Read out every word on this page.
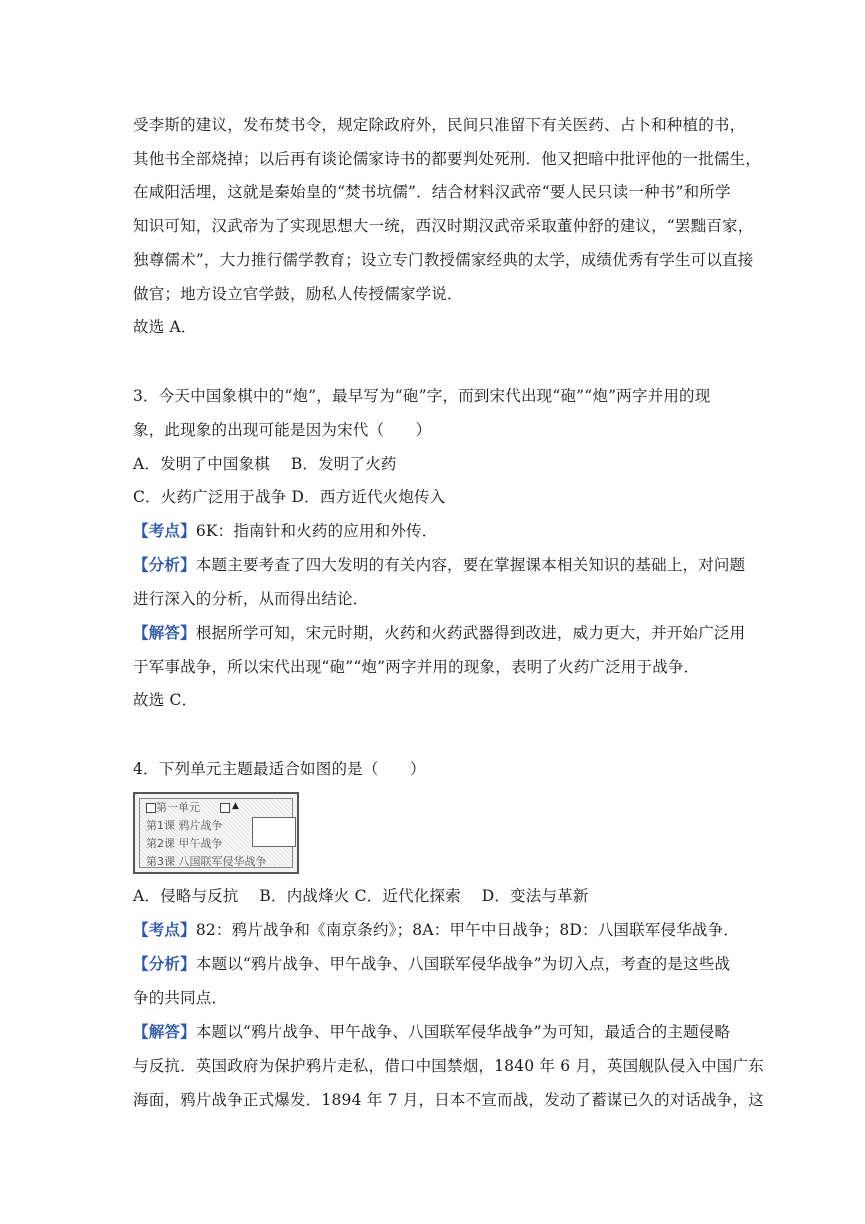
受李斯的建议，发布焚书令，规定除政府外，民间只准留下有关医药、占卜和种植的书，
其他书全部烧掉；以后再有谈论儒家诗书的都要判处死刑．他又把暗中批评他的一批儒生，
在咸阳活埋，这就是秦始皇的“焚书坑儒”．结合材料汉武帝“要人民只读一种书”和所学
知识可知，汉武帝为了实现思想大一统，西汉时期汉武帝采取董仲舒的建议，“罢黜百家，
独尊儒术”，大力推行儒学教育；设立专门教授儒家经典的太学，成绩优秀有学生可以直接
做官；地方设立官学鼓，励私人传授儒家学说．
故选 A．
3．今天中国象棋中的“炮”，最早写为“砲”字，而到宋代出现“砲”“炮”两字并用的现
象，此现象的出现可能是因为宋代（　　）
A．发明了中国象棋　 B．发明了火药
C．火药广泛用于战争 D．西方近代火炮传入
【考点】6K：指南针和火药的应用和外传．
【分析】本题主要考查了四大发明的有关内容，要在掌握课本相关知识的基础上，对问题
进行深入的分析，从而得出结论．
【解答】根据所学可知，宋元时期，火药和火药武器得到改进，威力更大，并开始广泛用
于军事战争，所以宋代出现“砲”“炮”两字并用的现象，表明了火药广泛用于战争．
故选 C．
4．下列单元主题最适合如图的是（　　）
第一单元	▲
第1课 鸦片战争
第2课 甲午战争
第3课 八国联军侵华战争
A．侵略与反抗　 B．内战烽火 C．近代化探索　 D．变法与革新
【考点】82：鸦片战争和《南京条约》；8A：甲午中日战争；8D：八国联军侵华战争．
【分析】本题以“鸦片战争、甲午战争、八国联军侵华战争”为切入点，考查的是这些战
争的共同点．
【解答】本题以“鸦片战争、甲午战争、八国联军侵华战争”为可知，最适合的主题侵略
与反抗．英国政府为保护鸦片走私，借口中国禁烟，1840 年 6 月，英国舰队侵入中国广东
海面，鸦片战争正式爆发．1894 年 7 月，日本不宣而战，发动了蓄谋已久的对话战争，这
